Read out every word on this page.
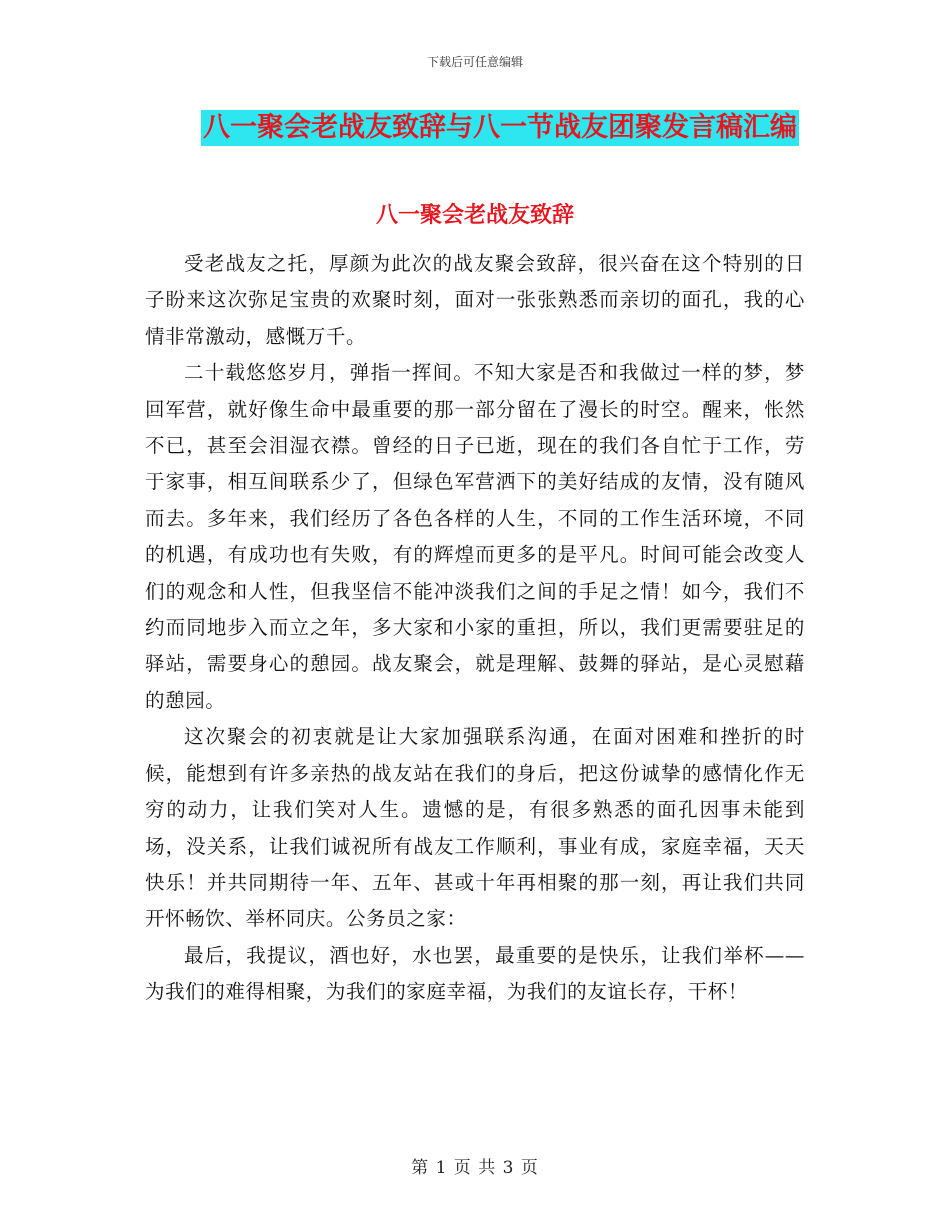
下载后可任意编辑
八一聚会老战友致辞与八一节战友团聚发言稿汇编
八一聚会老战友致辞

受老战友之托，厚颜为此次的战友聚会致辞，很兴奋在这个特别的日子盼来这次弥足宝贵的欢聚时刻，面对一张张熟悉而亲切的面孔，我的心情非常激动，感慨万千。

二十载悠悠岁月，弹指一挥间。不知大家是否和我做过一样的梦，梦回军营，就好像生命中最重要的那一部分留在了漫长的时空。醒来，怅然不已，甚至会泪湿衣襟。曾经的日子已逝，现在的我们各自忙于工作，劳于家事，相互间联系少了，但绿色军营洒下的美好结成的友情，没有随风而去。多年来，我们经历了各色各样的人生，不同的工作生活环境，不同的机遇，有成功也有失败，有的辉煌而更多的是平凡。时间可能会改变人们的观念和人性，但我坚信不能冲淡我们之间的手足之情！如今，我们不约而同地步入而立之年，多大家和小家的重担，所以，我们更需要驻足的驿站，需要身心的憩园。战友聚会，就是理解、鼓舞的驿站，是心灵慰藉的憩园。

这次聚会的初衷就是让大家加强联系沟通，在面对困难和挫折的时候，能想到有许多亲热的战友站在我们的身后，把这份诚挚的感情化作无穷的动力，让我们笑对人生。遗憾的是，有很多熟悉的面孔因事未能到场，没关系，让我们诚祝所有战友工作顺利，事业有成，家庭幸福，天天快乐！并共同期待一年、五年、甚或十年再相聚的那一刻，再让我们共同开怀畅饮、举杯同庆。公务员之家：

最后，我提议，酒也好，水也罢，最重要的是快乐，让我们举杯——为我们的难得相聚，为我们的家庭幸福，为我们的友谊长存，干杯！

第 1 页 共 3 页
